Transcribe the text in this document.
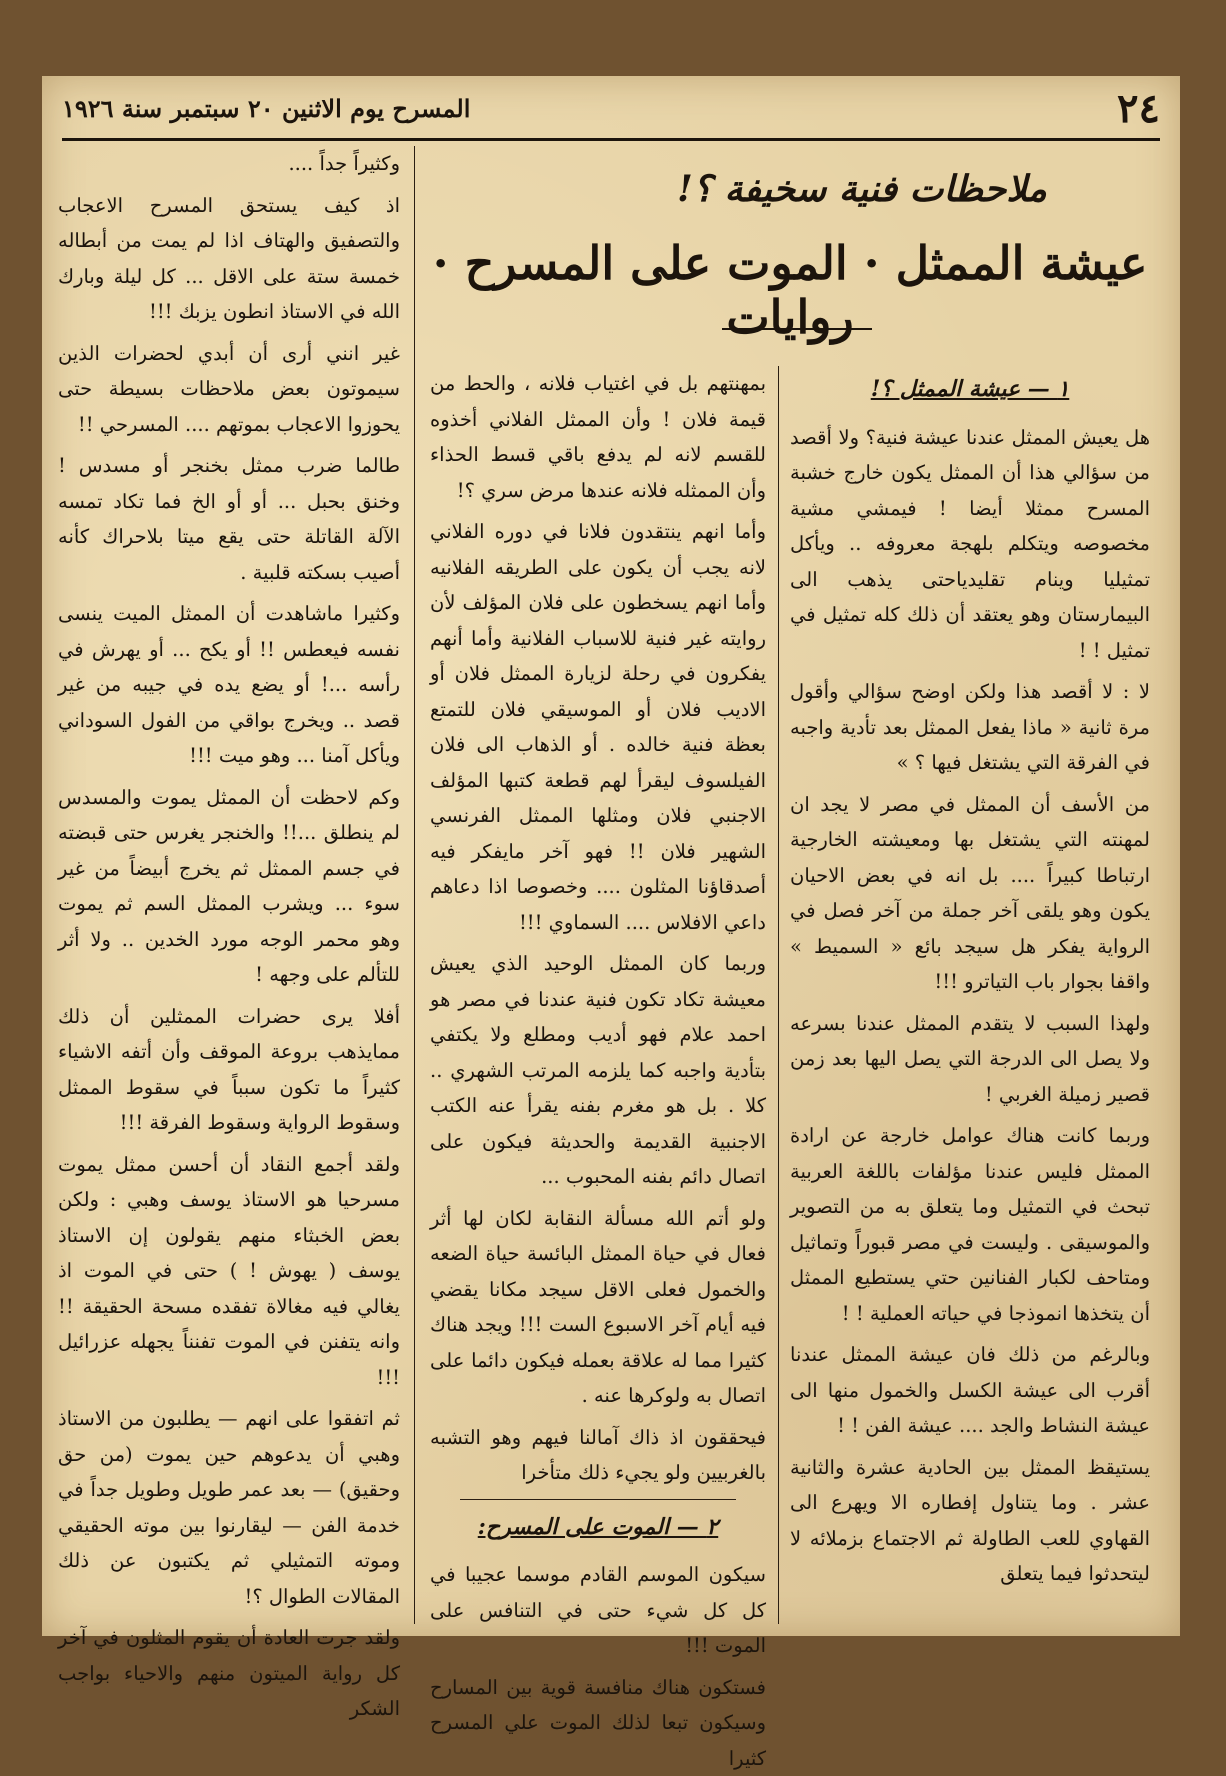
٢٤
المسرح يوم الاثنين ٢٠ سبتمبر سنة ١٩٢٦
ملاحظات فنية سخيفة ؟!
عيشة الممثل · الموت على المسرح · روايات
١ — عيشة الممثل ؟!

هل يعيش الممثل عندنا عيشة فنية؟ ولا أقصد من سؤالي هذا أن الممثل يكون خارج خشبة المسرح ممثلا أيضا ! فيمشي مشية مخصوصه ويتكلم بلهجة معروفه .. ويأكل تمثيليا وينام تقليدياحتى يذهب الى البيمارستان وهو يعتقد أن ذلك كله تمثيل في تمثيل ! !

لا : لا أقصد هذا ولكن اوضح سؤالي وأقول مرة ثانية « ماذا يفعل الممثل بعد تأدية واجبه في الفرقة التي يشتغل فيها ؟ »

من الأسف أن الممثل في مصر لا يجد ان لمهنته التي يشتغل بها ومعيشته الخارجية ارتباطا كبيراً .... بل انه في بعض الاحيان يكون وهو يلقى آخر جملة من آخر فصل في الرواية يفكر هل سيجد بائع « السميط » واقفا بجوار باب التياترو !!!

ولهذا السبب لا يتقدم الممثل عندنا بسرعه ولا يصل الى الدرجة التي يصل اليها بعد زمن قصير زميلة الغربي !

وربما كانت هناك عوامل خارجة عن ارادة الممثل فليس عندنا مؤلفات باللغة العربية تبحث في التمثيل وما يتعلق به من التصوير والموسيقى . وليست في مصر قبوراً وتماثيل ومتاحف لكبار الفنانين حتي يستطيع الممثل أن يتخذها انموذجا في حياته العملية ! !

وبالرغم من ذلك فان عيشة الممثل عندنا أقرب الى عيشة الكسل والخمول منها الى عيشة النشاط والجد .... عيشة الفن ! !

يستيقظ الممثل بين الحادية عشرة والثانية عشر . وما يتناول إفطاره الا ويهرع الى القهاوي للعب الطاولة ثم الاجتماع بزملائه لا ليتحدثوا فيما يتعلق

بمهنتهم بل في اغتياب فلانه ، والحط من قيمة فلان ! وأن الممثل الفلاني أخذوه للقسم لانه لم يدفع باقي قسط الحذاء وأن الممثله فلانه عندها مرض سري ؟!

وأما انهم ينتقدون فلانا في دوره الفلاني لانه يجب أن يكون على الطريقه الفلانيه وأما انهم يسخطون على فلان المؤلف لأن روايته غير فنية للاسباب الفلانية وأما أنهم يفكرون في رحلة لزيارة الممثل فلان أو الاديب فلان أو الموسيقي فلان للتمتع بعظة فنية خالده . أو الذهاب الى فلان الفيلسوف ليقرأ لهم قطعة كتبها المؤلف الاجنبي فلان ومثلها الممثل الفرنسي الشهير فلان !! فهو آخر مايفكر فيه أصدقاؤنا المثلون .... وخصوصا اذا دعاهم داعي الافلاس .... السماوي !!!

وربما كان الممثل الوحيد الذي يعيش معيشة تكاد تكون فنية عندنا في مصر هو احمد علام فهو أديب ومطلع ولا يكتفي بتأدية واجبه كما يلزمه المرتب الشهري .. كلا . بل هو مغرم بفنه يقرأ عنه الكتب الاجنبية القديمة والحديثة فيكون على اتصال دائم بفنه المحبوب ...

ولو أتم الله مسألة النقابة لكان لها أثر فعال في حياة الممثل البائسة حياة الضعه والخمول فعلى الاقل سيجد مكانا يقضي فيه أيام آخر الاسبوع الست !!! ويجد هناك كثيرا مما له علاقة بعمله فيكون دائما على اتصال به ولوكرها عنه .

فيحققون اذ ذاك آمالنا فيهم وهو التشبه بالغربيين ولو يجيء ذلك متأخرا

٢ — الموت على المسرح:

سيكون الموسم القادم موسما عجيبا في كل كل شيء حتى في التنافس على الموت !!!

فستكون هناك منافسة قوية بين المسارح وسيكون تبعا لذلك الموت علي المسرح كثيرا

وكثيراً جداً ....

اذ كيف يستحق المسرح الاعجاب والتصفيق والهتاف اذا لم يمت من أبطاله خمسة ستة على الاقل ... كل ليلة وبارك الله في الاستاذ انطون يزبك !!!

غير انني أرى أن أبدي لحضرات الذين سيموتون بعض ملاحظات بسيطة حتى يحوزوا الاعجاب بموتهم .... المسرحي !!

طالما ضرب ممثل بخنجر أو مسدس ! وخنق بحبل ... أو أو الخ فما تكاد تمسه الآلة القاتلة حتى يقع ميتا بلاحراك كأنه أصيب بسكته قلبية .

وكثيرا ماشاهدت أن الممثل الميت ينسى نفسه فيعطس !! أو يكح ... أو يهرش في رأسه ...! أو يضع يده في جيبه من غير قصد .. ويخرج بواقي من الفول السوداني ويأكل آمنا ... وهو ميت !!!

وكم لاحظت أن الممثل يموت والمسدس لم ينطلق ...!! والخنجر يغرس حتى قبضته في جسم الممثل ثم يخرج أبيضاً من غير سوء ... ويشرب الممثل السم ثم يموت وهو محمر الوجه مورد الخدين .. ولا أثر للتألم على وجهه !

أفلا يرى حضرات الممثلين أن ذلك ممايذهب بروعة الموقف وأن أتفه الاشياء كثيراً ما تكون سبباً في سقوط الممثل وسقوط الرواية وسقوط الفرقة !!!

ولقد أجمع النقاد أن أحسن ممثل يموت مسرحيا هو الاستاذ يوسف وهبي : ولكن بعض الخبثاء منهم يقولون إن الاستاذ يوسف ( يهوش ! ) حتى في الموت اذ يغالي فيه مغالاة تفقده مسحة الحقيقة !! وانه يتفنن في الموت تفنناً يجهله عزرائيل !!!

ثم اتفقوا على انهم — يطلبون من الاستاذ وهبي أن يدعوهم حين يموت (من حق وحقيق) — بعد عمر طويل وطويل جداً في خدمة الفن — ليقارنوا بين موته الحقيقي وموته التمثيلي ثم يكتبون عن ذلك المقالات الطوال ؟!

ولقد جرت العادة أن يقوم المثلون في آخر كل رواية الميتون منهم والاحياء بواجب الشكر
